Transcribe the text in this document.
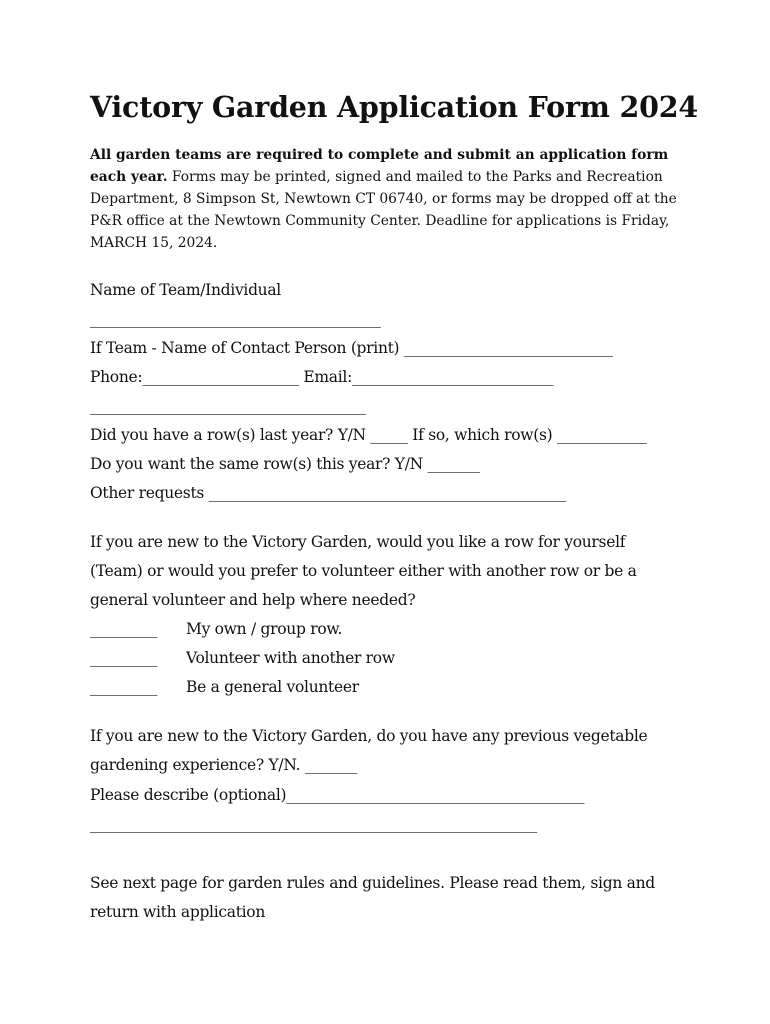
Victory Garden Application Form 2024
All garden teams are required to complete and submit an application form each year. Forms may be printed, signed and mailed to the Parks and Recreation Department, 8 Simpson St, Newtown CT 06740, or forms may be dropped off at the P&R office at the Newtown Community Center. Deadline for applications is Friday, MARCH 15, 2024.
Name of Team/Individual
_______________________________________
If Team - Name of Contact Person (print) ____________________________
Phone:_____________________ Email:___________________________
_____________________________________
Did you have a row(s) last year? Y/N _____ If so, which row(s) ____________
Do you want the same row(s) this year? Y/N _______
Other requests ________________________________________________
If you are new to the Victory Garden, would you like a row for yourself (Team) or would you prefer to volunteer either with another row or be a general volunteer and help where needed?
_________ My own / group row.
_________ Volunteer with another row
_________ Be a general volunteer
If you are new to the Victory Garden, do you have any previous vegetable gardening experience? Y/N. _______
Please describe (optional)________________________________________
____________________________________________________________
See next page for garden rules and guidelines. Please read them, sign and return with application
